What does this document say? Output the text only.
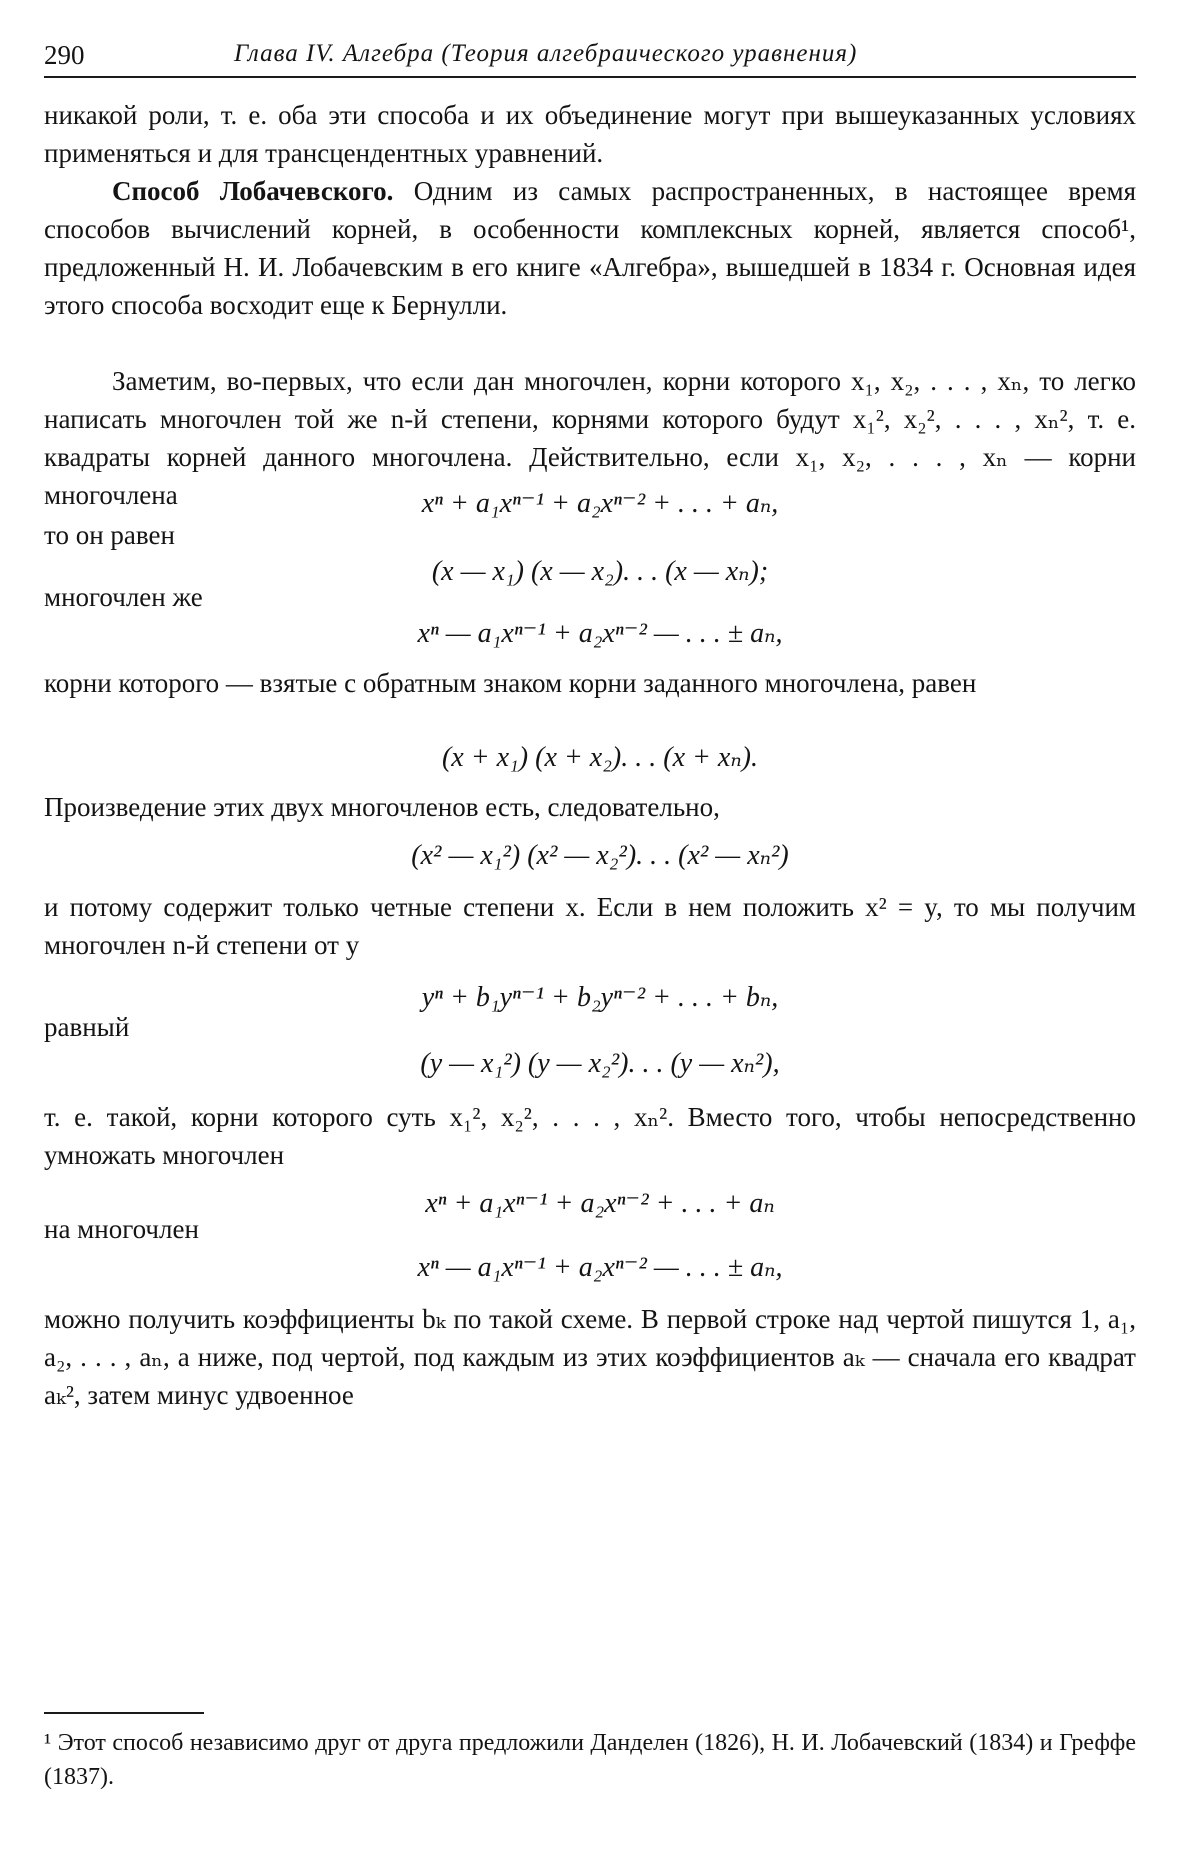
290	Глава IV. Алгебра (Теория алгебраического уравнения)

никакой роли, т. е. оба эти способа и их объединение могут при вышеуказанных условиях применяться и для трансцендентных уравнений.

Способ Лобачевского. Одним из самых распространенных, в настоящее время способов вычислений корней, в особенности комплексных корней, является способ¹, предложенный Н. И. Лобачевским в его книге «Алгебра», вышедшей в 1834 г. Основная идея этого способа восходит еще к Бернулли.

Заметим, во-первых, что если дан многочлен, корни которого x₁, x₂, . . . , xₙ, то легко написать многочлен той же n-й степени, корнями которого будут x₁², x₂², . . . , xₙ², т. е. квадраты корней данного многочлена. Действительно, если x₁, x₂, . . . , xₙ — корни многочлена	xⁿ + a₁xⁿ⁻¹ + a₂xⁿ⁻² + . . . + aₙ,
то он равен
(x — x₁) (x — x₂). . . (x — xₙ);
многочлен же
xⁿ — a₁xⁿ⁻¹ + a₂xⁿ⁻² — . . . ± aₙ,

корни которого — взятые с обратным знаком корни заданного многочлена, равен

(x + x₁) (x + x₂). . . (x + xₙ).

Произведение этих двух многочленов есть, следовательно,

(x² — x₁²) (x² — x₂²). . . (x² — xₙ²)

и потому содержит только четные степени x. Если в нем положить x² = y, то мы получим многочлен n-й степени от y

yⁿ + b₁yⁿ⁻¹ + b₂yⁿ⁻² + . . . + bₙ,
равный
(y — x₁²) (y — x₂²). . . (y — xₙ²),

т. е. такой, корни которого суть x₁², x₂², . . . , xₙ². Вместо того, чтобы непосредственно умножать многочлен

xⁿ + a₁xⁿ⁻¹ + a₂xⁿ⁻² + . . . + aₙ
на многочлен
xⁿ — a₁xⁿ⁻¹ + a₂xⁿ⁻² — . . . ± aₙ,

можно получить коэффициенты bₖ по такой схеме. В первой строке над чертой пишутся 1, a₁, a₂, . . . , aₙ, а ниже, под чертой, под каждым из этих коэффициентов aₖ — сначала его квадрат aₖ², затем минус удвоенное

¹ Этот способ независимо друг от друга предложили Данделен (1826), Н. И. Лобачевский (1834) и Греффе (1837).
